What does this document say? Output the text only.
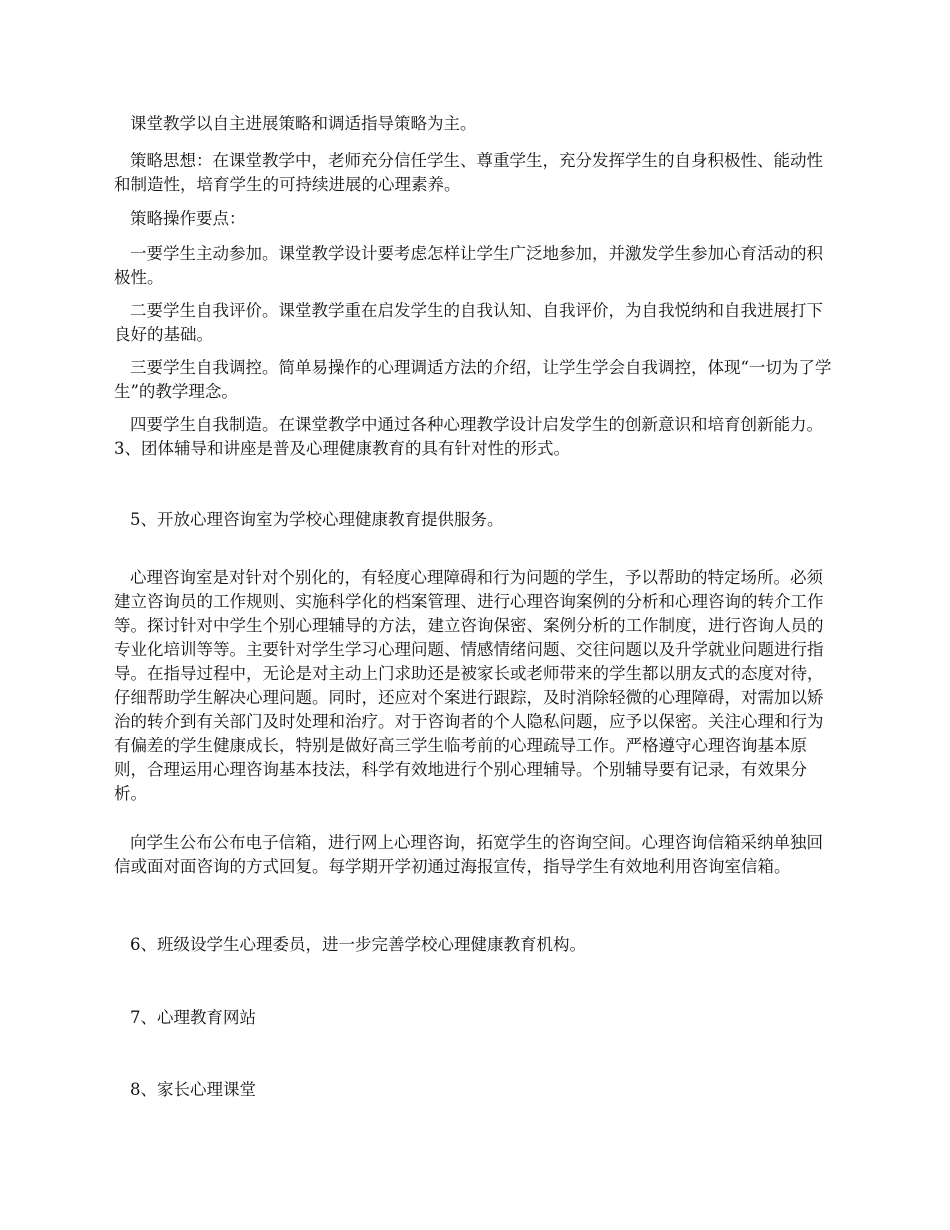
课堂教学以自主进展策略和调适指导策略为主。

策略思想：在课堂教学中，老师充分信任学生、尊重学生，充分发挥学生的自身积极性、能动性和制造性，培育学生的可持续进展的心理素养。

策略操作要点：

一要学生主动参加。课堂教学设计要考虑怎样让学生广泛地参加，并激发学生参加心育活动的积极性。

二要学生自我评价。课堂教学重在启发学生的自我认知、自我评价，为自我悦纳和自我进展打下良好的基础。

三要学生自我调控。简单易操作的心理调适方法的介绍，让学生学会自我调控，体现“一切为了学生”的教学理念。

四要学生自我制造。在课堂教学中通过各种心理教学设计启发学生的创新意识和培育创新能力。3、团体辅导和讲座是普及心理健康教育的具有针对性的形式。

5、开放心理咨询室为学校心理健康教育提供服务。

心理咨询室是对针对个别化的，有轻度心理障碍和行为问题的学生，予以帮助的特定场所。必须建立咨询员的工作规则、实施科学化的档案管理、进行心理咨询案例的分析和心理咨询的转介工作等。探讨针对中学生个别心理辅导的方法，建立咨询保密、案例分析的工作制度，进行咨询人员的专业化培训等等。主要针对学生学习心理问题、情感情绪问题、交往问题以及升学就业问题进行指导。在指导过程中，无论是对主动上门求助还是被家长或老师带来的学生都以朋友式的态度对待，仔细帮助学生解决心理问题。同时，还应对个案进行跟踪，及时消除轻微的心理障碍，对需加以矫治的转介到有关部门及时处理和治疗。对于咨询者的个人隐私问题，应予以保密。关注心理和行为有偏差的学生健康成长，特别是做好高三学生临考前的心理疏导工作。严格遵守心理咨询基本原则，合理运用心理咨询基本技法，科学有效地进行个别心理辅导。个别辅导要有记录，有效果分析。

向学生公布公布电子信箱，进行网上心理咨询，拓宽学生的咨询空间。心理咨询信箱采纳单独回信或面对面咨询的方式回复。每学期开学初通过海报宣传，指导学生有效地利用咨询室信箱。

6、班级设学生心理委员，进一步完善学校心理健康教育机构。

7、心理教育网站

8、家长心理课堂
